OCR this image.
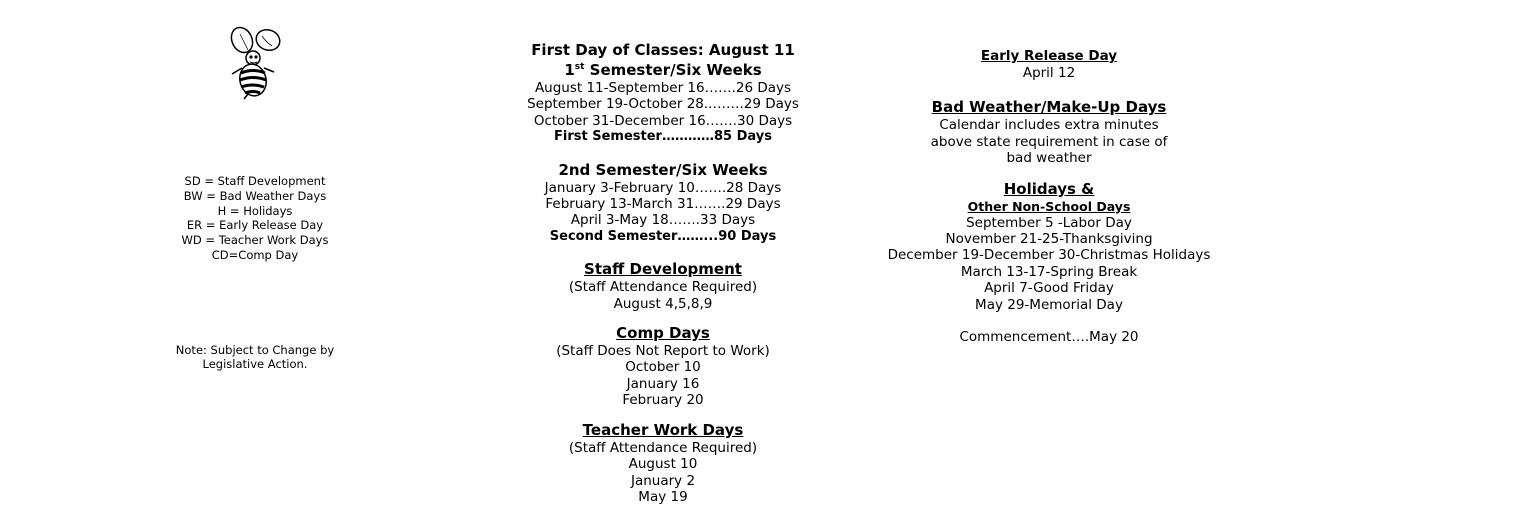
SD = Staff Development
BW = Bad Weather Days
H = Holidays
ER = Early Release Day
WD = Teacher Work Days
CD=Comp Day
Note: Subject to Change by
Legislative Action.
First Day of Classes: August 11
1st Semester/Six Weeks
August 11-September 16…….26 Days
September 19-October 28..…….29 Days
October 31-December 16…….30 Days
First Semester…………85 Days
2nd Semester/Six Weeks
January 3-February 10…….28 Days
February 13-March 31…….29 Days
April 3-May 18…….33 Days
Second Semester……...90 Days
Staff Development
(Staff Attendance Required)
August 4,5,8,9
Comp Days
(Staff Does Not Report to Work)
October 10
January 16
February 20
Teacher Work Days
(Staff Attendance Required)
August 10
January 2
May 19
Early Release Day
April 12
Bad Weather/Make-Up Days
Calendar includes extra minutes
above state requirement in case of
bad weather
Holidays &
Other Non-School Days
September 5 -Labor Day
November 21-25-Thanksgiving
December 19-December 30-Christmas Holidays
March 13-17-Spring Break
April 7-Good Friday
May 29-Memorial Day
Commencement….May 20
